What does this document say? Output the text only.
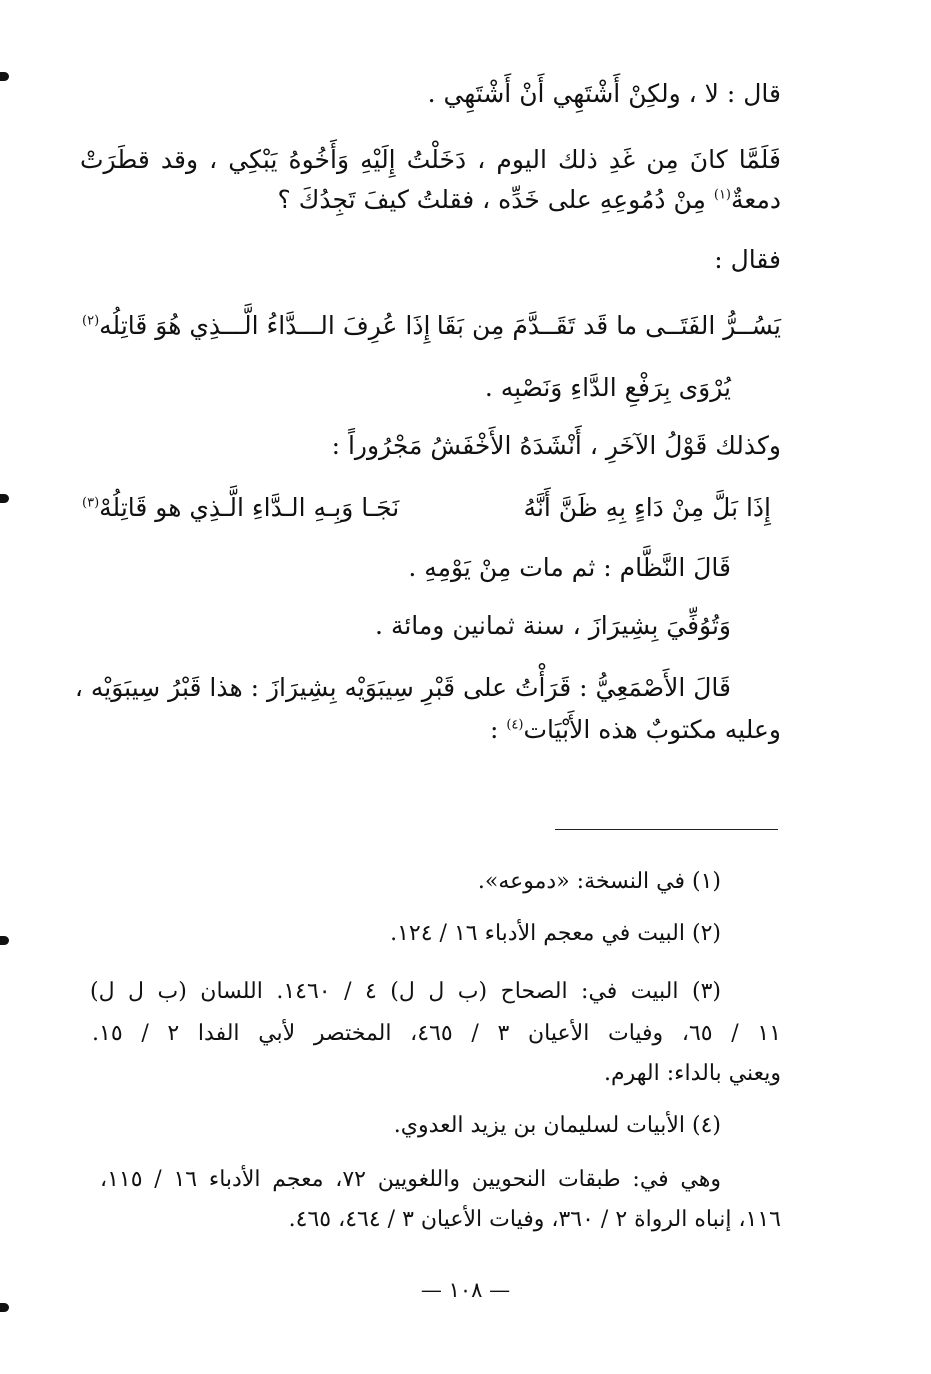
قال : لا ، ولكِنْ أَشْتَهِي أَنْ أَشْتَهِي .
فَلَمَّا كانَ مِن غَدِ ذلك اليوم ، دَخَلْتُ إِلَيْهِ وَأَخُوهُ يَبْكِي ، وقد قطَرَتْ
دمعةٌ$^{(١)}$ مِنْ دُمُوعِهِ على خَدِّه ، فقلتُ كيفَ تَجِدُكَ ؟
فقال :
يَسُــرُّ الفَتَــى ما قَد تَقَــدَّمَ مِن بَقَا
إِذَا عُرِفَ الـــدَّاءُ الَّـــذِي هُوَ قَاتِلُه$^{(٢)}$
يُرْوَى بِرَفْعِ الدَّاءِ وَنَصْبِه .
وكذلك قَوْلُ الآخَرِ ، أَنْشَدَهُ الأَخْفَشُ مَجْرُوراً :
إِذَا بَلَّ مِنْ دَاءٍ بِهِ ظَنَّ أَنَّهُ
نَجَـا وَبِـهِ الـدَّاءِ الَّـذِي هو قَاتِلُهْ$^{(٣)}$
قَالَ النَّظَّام : ثم مات مِنْ يَوْمِهِ .
وَتُوُفِّيَ بِشِيرَازَ ، سنة ثمانين ومائة .
قَالَ الأَصْمَعِيُّ : قَرَأْتُ على قَبْرِ سِيبَوَيْه بِشِيرَازَ : هذا قَبْرُ سِيبَوَيْه ،
وعليه مكتوبٌ هذه الأَبْيَات$^{(٤)}$ :
(١) في النسخة: «دموعه».
(٢) البيت في معجم الأدباء ١٦ / ١٢٤.
(٣) البيت في: الصحاح (ب ل ل) ٤ / ١٤٦٠. اللسان (ب ل ل)
١١ / ٦٥، وفيات الأعيان ٣ / ٤٦٥، المختصر لأبي الفدا ٢ / ١٥.
ويعني بالداء: الهرم.
(٤) الأبيات لسليمان بن يزيد العدوي.
وهي في: طبقات النحويين واللغويين ٧٢، معجم الأدباء ١٦ / ١١٥،
١١٦، إنباه الرواة ٢ / ٣٦٠، وفيات الأعيان ٣ / ٤٦٤، ٤٦٥.
— ١٠٨ —
